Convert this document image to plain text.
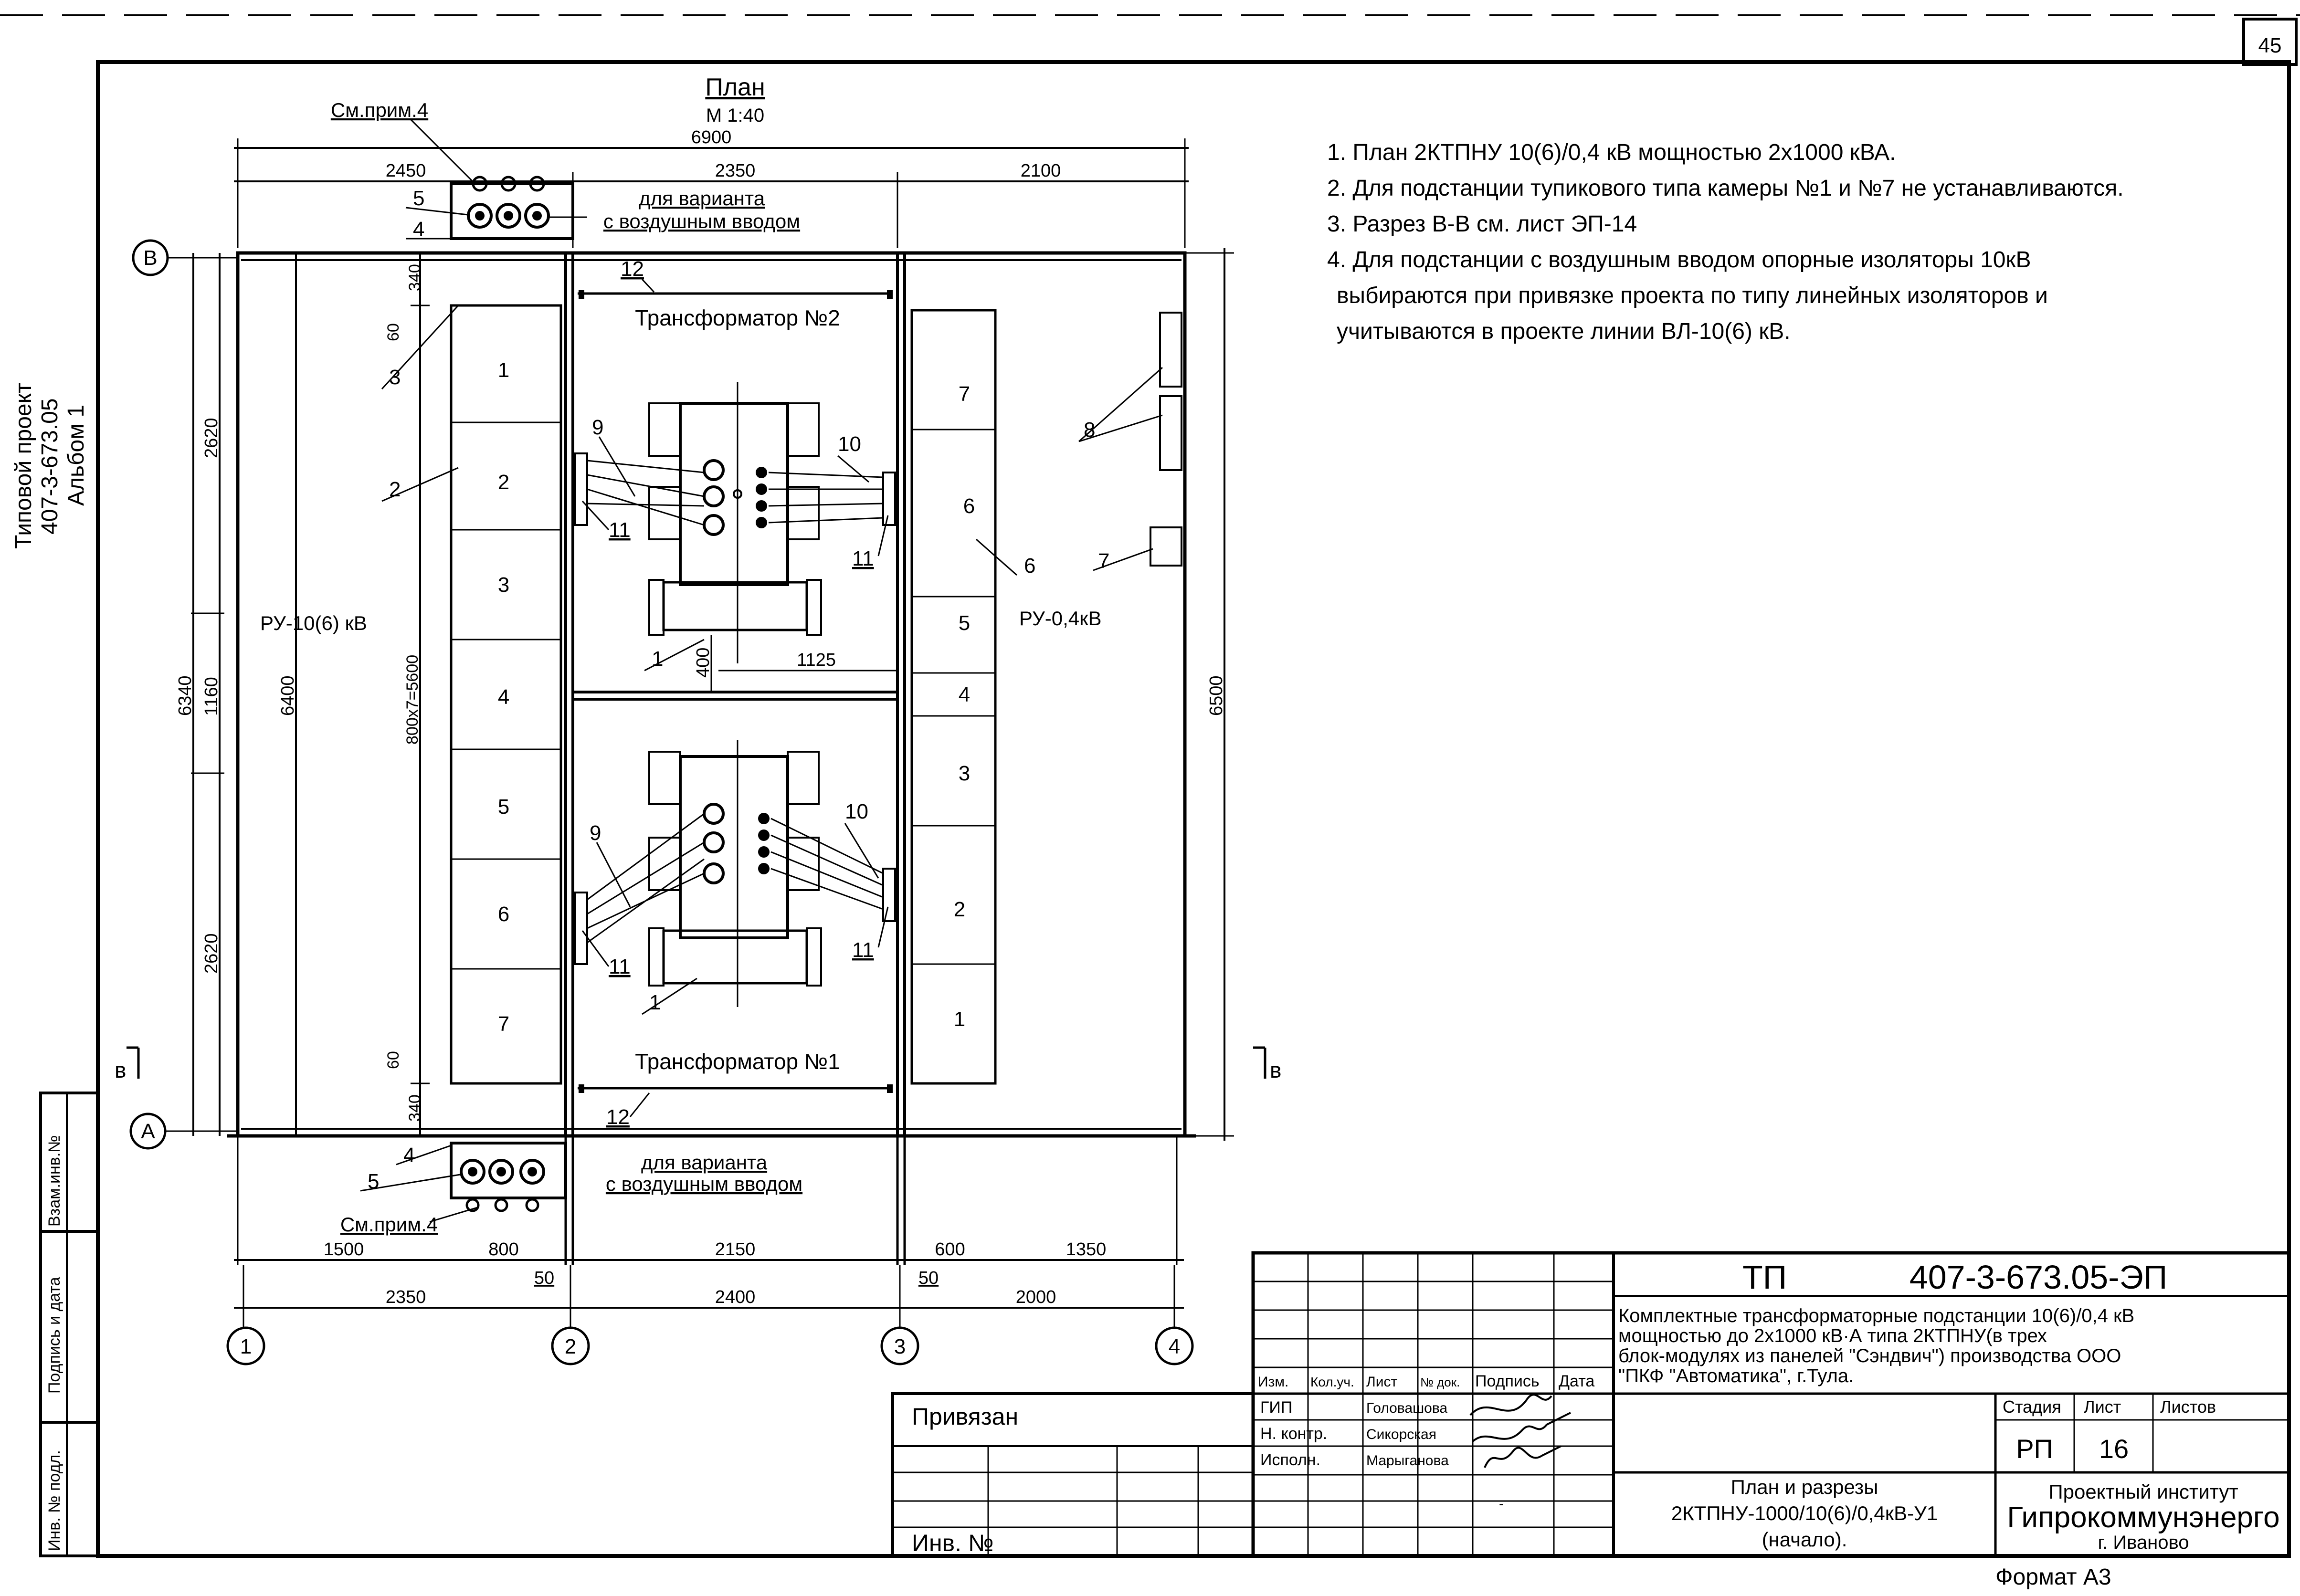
45
Типовой проект 407-3-673.05 Альбом 1
Инв. № подл.
Подпись и дата
Взам.инв.№
План
М 1:40
6900
2450	2350	2100
См.прим.4
для варианта
с воздушным вводом
1
2
3
4
5
6
7
7
6
5
4
3
2
1
РУ-10(6) кВ	РУ-0,4кВ
Трансформатор №2
Трансформатор №1
400	1125
6340
2620
1160
2620
6400	800х7=5600
340
60
60
340
6500
В
А
в	в
для варианта
с воздушным вводом
См.прим.4
1500	800	2150	600	1350
50	50
2350	2400	2000
1	2	3	4
1
1
2
3
4
4
5
5
6	7
8
9
9
10
10
11
11
11
11
12
12
1. План 2КТПНУ 10(6)/0,4 кВ мощностью 2х1000 кВА.
2. Для подстанции тупикового типа камеры №1 и №7 не устанавливаются.
3. Разрез В-В см. лист ЭП-14
4. Для подстанции с воздушным вводом опорные изоляторы 10кВ
выбираются при привязке проекта по типу линейных изоляторов и
учитываются в проекте линии ВЛ-10(6) кВ.
Привязан
Инв. №
Изм. Кол.уч. Лист № док. Подпись Дата
ГИП	Головашова
Н. контр.	Сикорская
Исполн.	Марыганова
-
ТП	407-3-673.05-ЭП
Комплектные трансформаторные подстанции 10(6)/0,4 кВ
мощностью до 2х1000 кВ·А типа 2КТПНУ(в трех
блок-модулях из панелей "Сэндвич") производства ООО
"ПКФ "Автоматика", г.Тула.
Стадия Лист Листов
РП 16
План и разрезы
2КТПНУ-1000/10(6)/0,4кВ-У1
(начало).
Проектный институт
Гипрокоммунэнерго
г. Иваново
Формат А3
